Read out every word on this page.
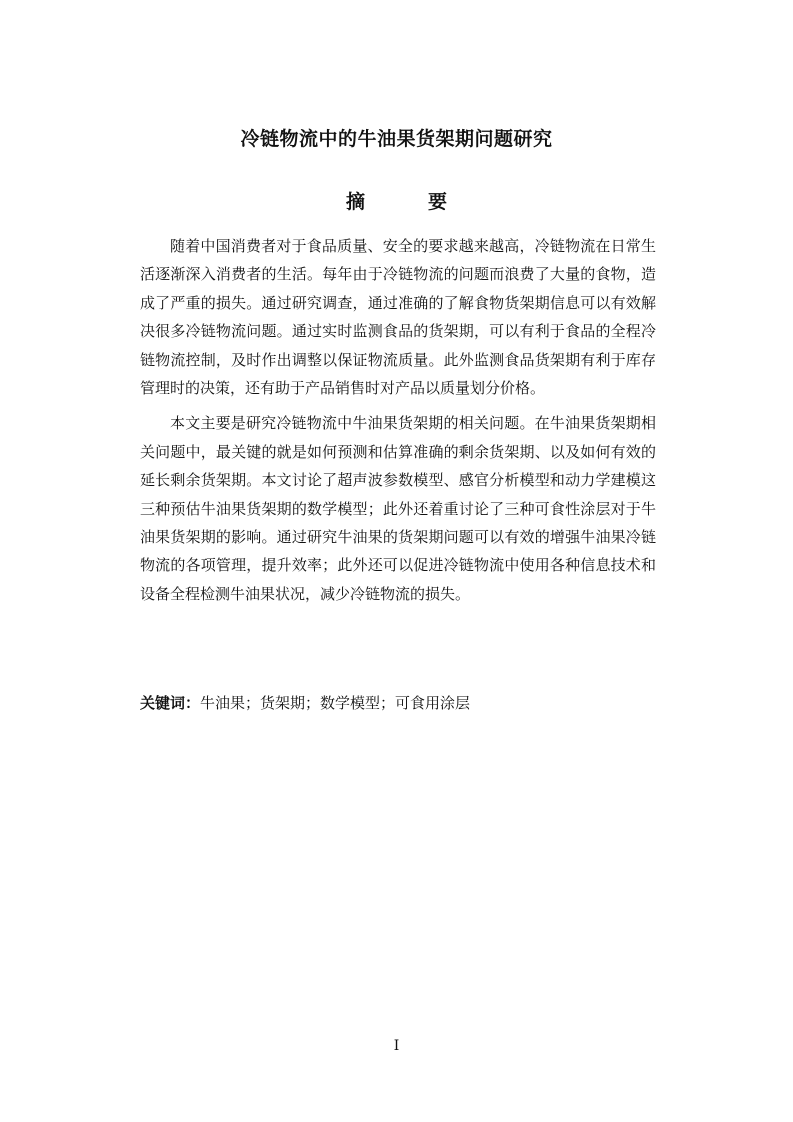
冷链物流中的牛油果货架期问题研究
摘　要

随着中国消费者对于食品质量、安全的要求越来越高，冷链物流在日常生活逐渐深入消费者的生活。每年由于冷链物流的问题而浪费了大量的食物，造成了严重的损失。通过研究调查，通过准确的了解食物货架期信息可以有效解决很多冷链物流问题。通过实时监测食品的货架期，可以有利于食品的全程冷链物流控制，及时作出调整以保证物流质量。此外监测食品货架期有利于库存管理时的决策，还有助于产品销售时对产品以质量划分价格。

本文主要是研究冷链物流中牛油果货架期的相关问题。在牛油果货架期相关问题中，最关键的就是如何预测和估算准确的剩余货架期、以及如何有效的延长剩余货架期。本文讨论了超声波参数模型、感官分析模型和动力学建模这三种预估牛油果货架期的数学模型；此外还着重讨论了三种可食性涂层对于牛油果货架期的影响。通过研究牛油果的货架期问题可以有效的增强牛油果冷链物流的各项管理，提升效率；此外还可以促进冷链物流中使用各种信息技术和设备全程检测牛油果状况，减少冷链物流的损失。

关键词：牛油果；货架期；数学模型；可食用涂层
I
